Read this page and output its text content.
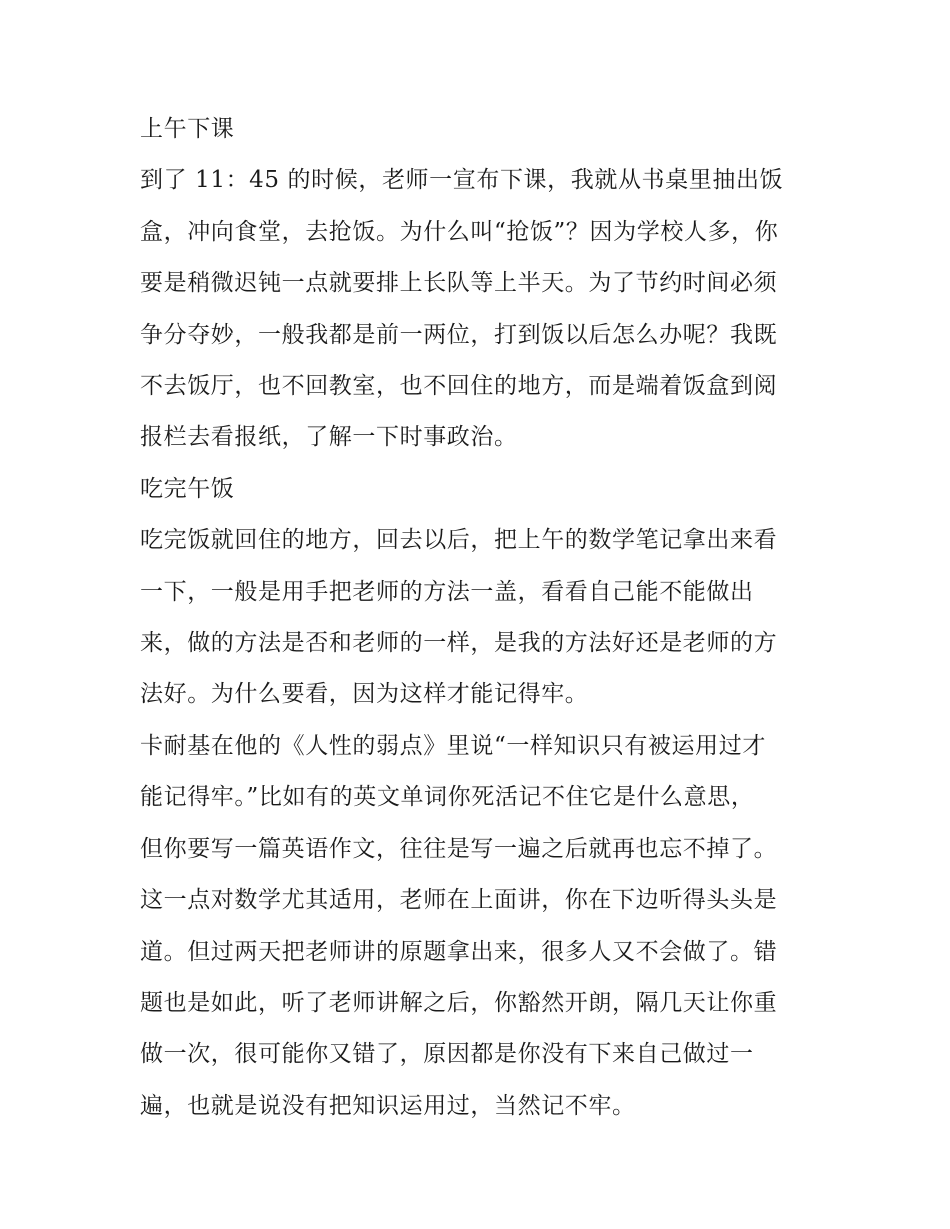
上午下课

到了 11：45 的时候，老师一宣布下课，我就从书桌里抽出饭
盒，冲向食堂，去抢饭。为什么叫“抢饭”？因为学校人多，你
要是稍微迟钝一点就要排上长队等上半天。为了节约时间必须
争分夺妙，一般我都是前一两位，打到饭以后怎么办呢？我既
不去饭厅，也不回教室，也不回住的地方，而是端着饭盒到阅
报栏去看报纸，了解一下时事政治。

吃完午饭

吃完饭就回住的地方，回去以后，把上午的数学笔记拿出来看
一下，一般是用手把老师的方法一盖，看看自己能不能做出
来，做的方法是否和老师的一样，是我的方法好还是老师的方
法好。为什么要看，因为这样才能记得牢。

卡耐基在他的《人性的弱点》里说“一样知识只有被运用过才
能记得牢。”比如有的英文单词你死活记不住它是什么意思，
但你要写一篇英语作文，往往是写一遍之后就再也忘不掉了。
这一点对数学尤其适用，老师在上面讲，你在下边听得头头是
道。但过两天把老师讲的原题拿出来，很多人又不会做了。错
题也是如此，听了老师讲解之后，你豁然开朗，隔几天让你重
做一次，很可能你又错了，原因都是你没有下来自己做过一
遍，也就是说没有把知识运用过，当然记不牢。
